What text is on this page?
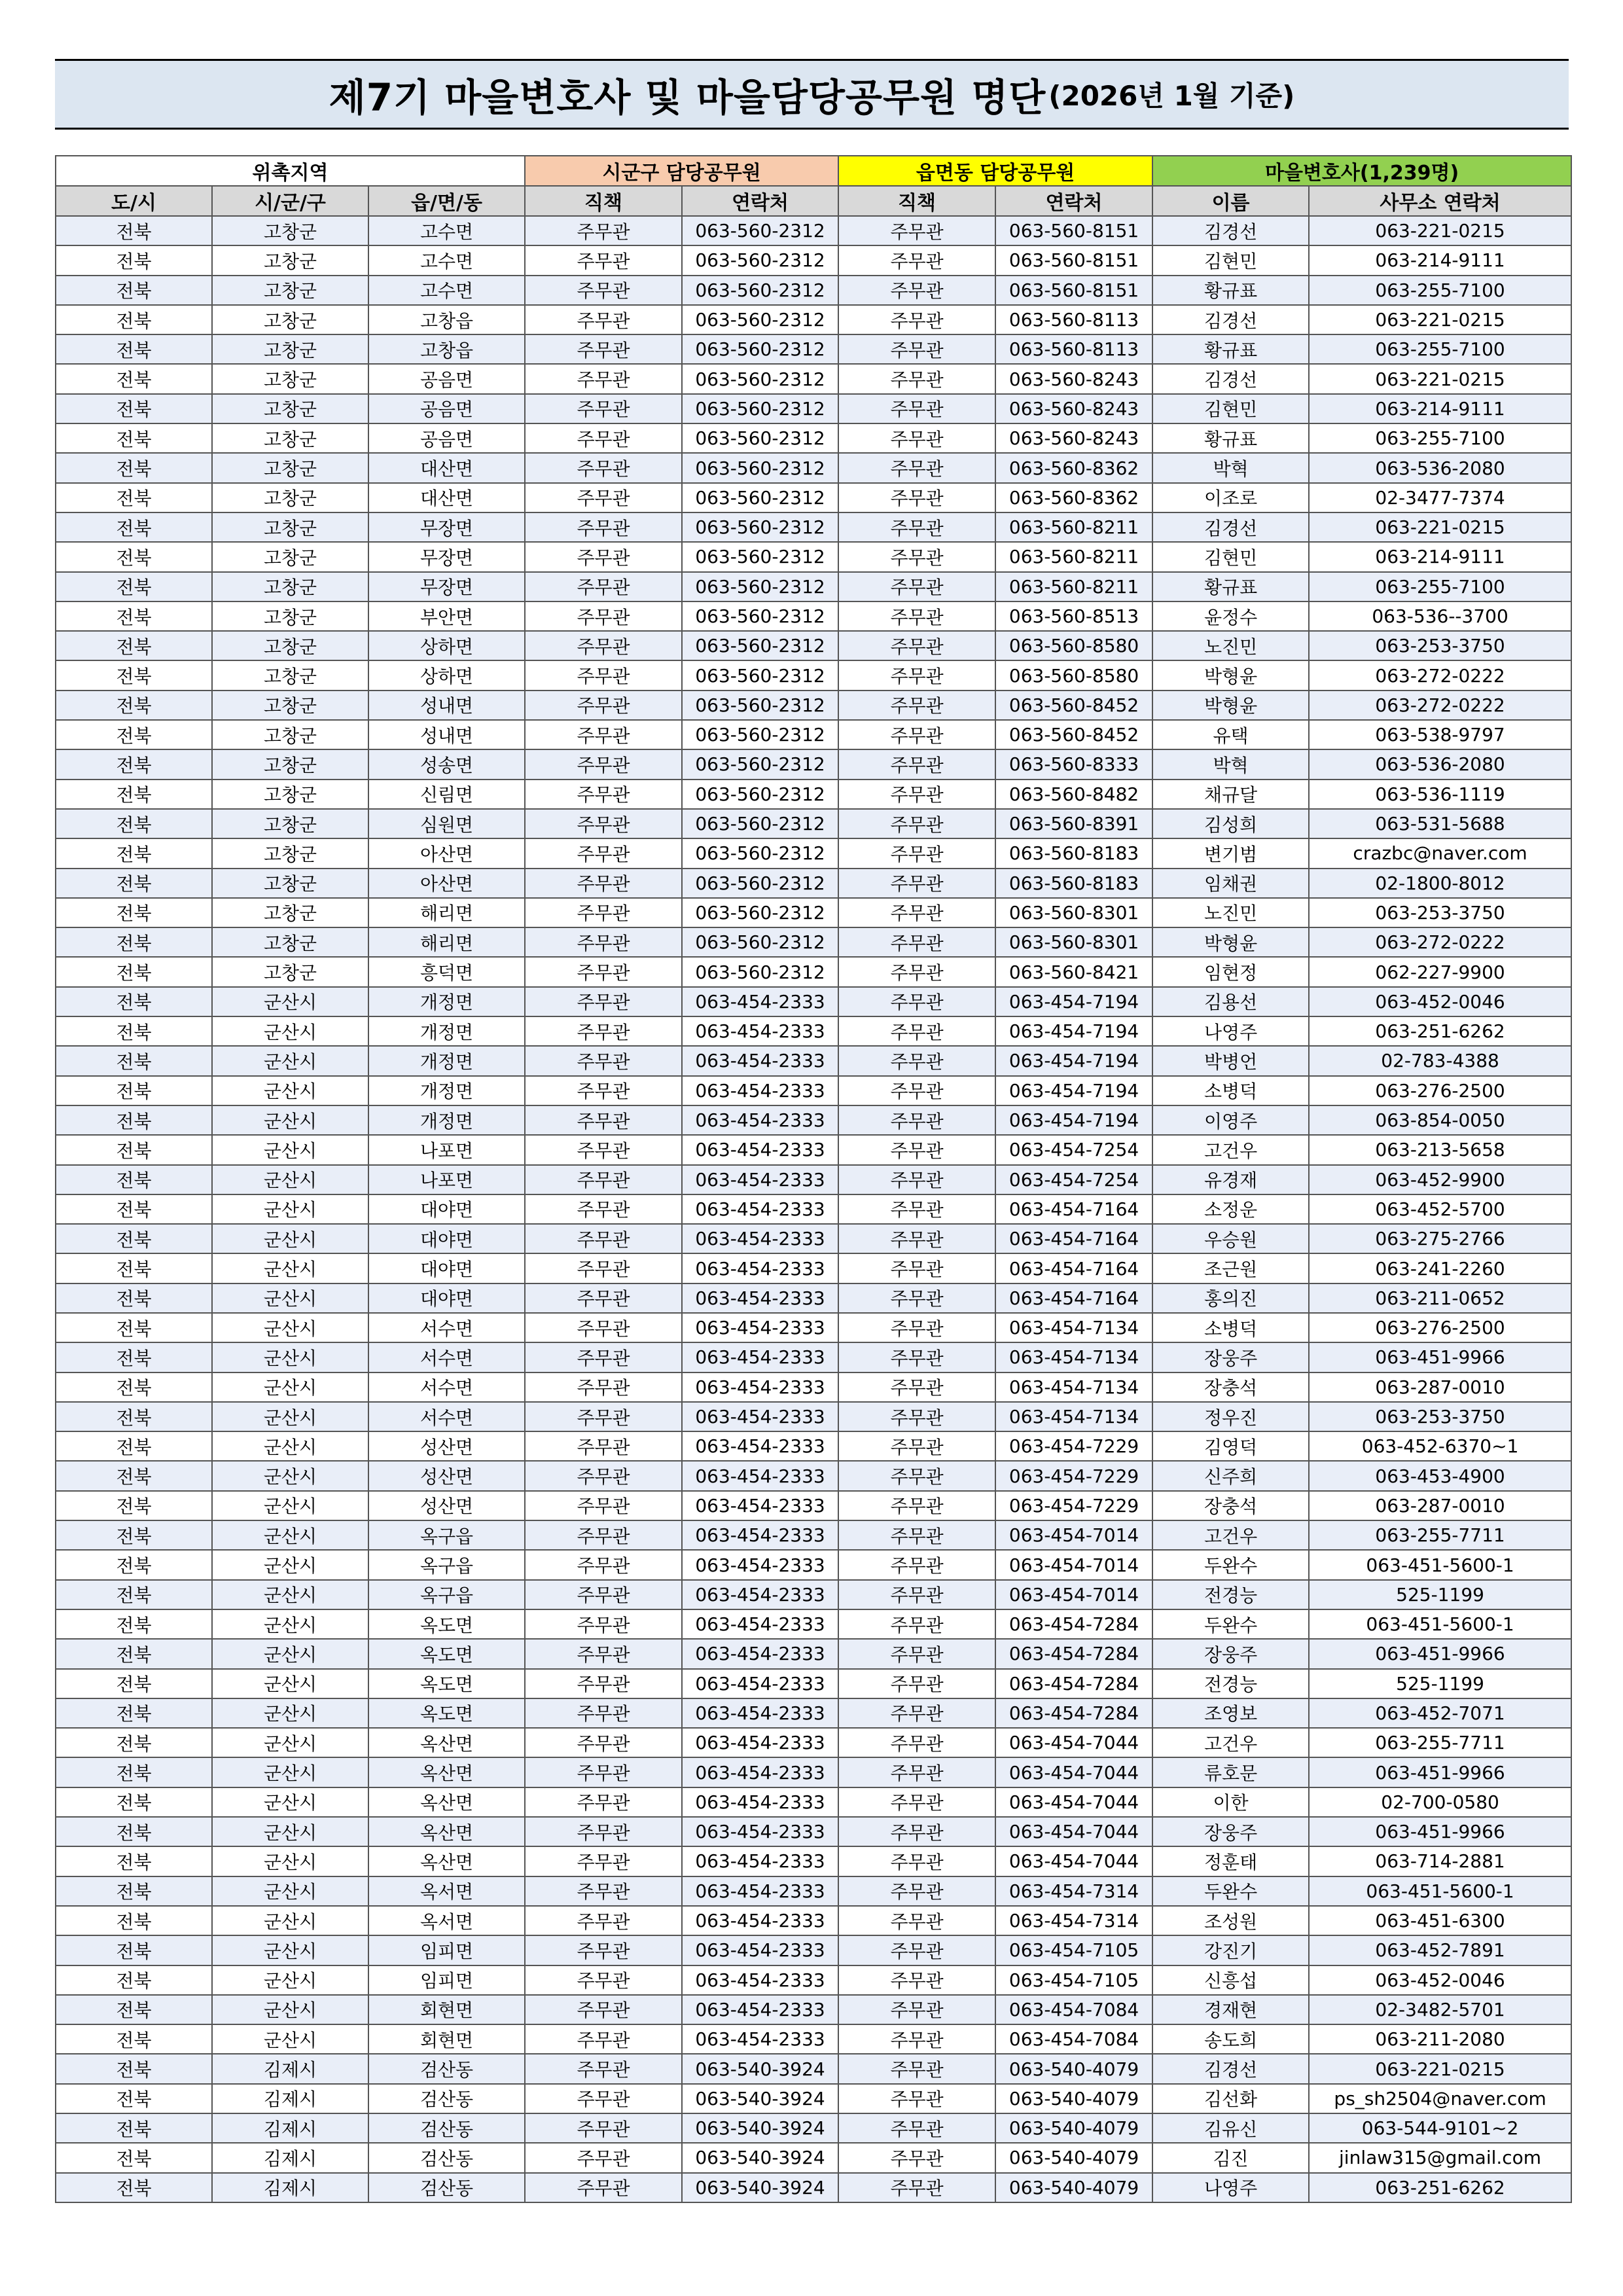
제7기 마을변호사 및 마을담당공무원 명단 (2026년 1월 기준)
위촉지역			시군구 담당공무원		읍면동 담당공무원		마을변호사(1,239명)	
도/시	시/군/구	읍/면/동	직책	연락처	직책	연락처	이름	사무소 연락처
전북	고창군	고수면	주무관	063-560-2312	주무관	063-560-8151	김경선	063-221-0215
전북	고창군	고수면	주무관	063-560-2312	주무관	063-560-8151	김현민	063-214-9111
전북	고창군	고수면	주무관	063-560-2312	주무관	063-560-8151	황규표	063-255-7100
전북	고창군	고창읍	주무관	063-560-2312	주무관	063-560-8113	김경선	063-221-0215
전북	고창군	고창읍	주무관	063-560-2312	주무관	063-560-8113	황규표	063-255-7100
전북	고창군	공음면	주무관	063-560-2312	주무관	063-560-8243	김경선	063-221-0215
전북	고창군	공음면	주무관	063-560-2312	주무관	063-560-8243	김현민	063-214-9111
전북	고창군	공음면	주무관	063-560-2312	주무관	063-560-8243	황규표	063-255-7100
전북	고창군	대산면	주무관	063-560-2312	주무관	063-560-8362	박혁	063-536-2080
전북	고창군	대산면	주무관	063-560-2312	주무관	063-560-8362	이조로	02-3477-7374
전북	고창군	무장면	주무관	063-560-2312	주무관	063-560-8211	김경선	063-221-0215
전북	고창군	무장면	주무관	063-560-2312	주무관	063-560-8211	김현민	063-214-9111
전북	고창군	무장면	주무관	063-560-2312	주무관	063-560-8211	황규표	063-255-7100
전북	고창군	부안면	주무관	063-560-2312	주무관	063-560-8513	윤정수	063-536--3700
전북	고창군	상하면	주무관	063-560-2312	주무관	063-560-8580	노진민	063-253-3750
전북	고창군	상하면	주무관	063-560-2312	주무관	063-560-8580	박형윤	063-272-0222
전북	고창군	성내면	주무관	063-560-2312	주무관	063-560-8452	박형윤	063-272-0222
전북	고창군	성내면	주무관	063-560-2312	주무관	063-560-8452	유택	063-538-9797
전북	고창군	성송면	주무관	063-560-2312	주무관	063-560-8333	박혁	063-536-2080
전북	고창군	신림면	주무관	063-560-2312	주무관	063-560-8482	채규달	063-536-1119
전북	고창군	심원면	주무관	063-560-2312	주무관	063-560-8391	김성희	063-531-5688
전북	고창군	아산면	주무관	063-560-2312	주무관	063-560-8183	변기범	crazbc@naver.com
전북	고창군	아산면	주무관	063-560-2312	주무관	063-560-8183	임채권	02-1800-8012
전북	고창군	해리면	주무관	063-560-2312	주무관	063-560-8301	노진민	063-253-3750
전북	고창군	해리면	주무관	063-560-2312	주무관	063-560-8301	박형윤	063-272-0222
전북	고창군	흥덕면	주무관	063-560-2312	주무관	063-560-8421	임현정	062-227-9900
전북	군산시	개정면	주무관	063-454-2333	주무관	063-454-7194	김용선	063-452-0046
전북	군산시	개정면	주무관	063-454-2333	주무관	063-454-7194	나영주	063-251-6262
전북	군산시	개정면	주무관	063-454-2333	주무관	063-454-7194	박병언	02-783-4388
전북	군산시	개정면	주무관	063-454-2333	주무관	063-454-7194	소병덕	063-276-2500
전북	군산시	개정면	주무관	063-454-2333	주무관	063-454-7194	이영주	063-854-0050
전북	군산시	나포면	주무관	063-454-2333	주무관	063-454-7254	고건우	063-213-5658
전북	군산시	나포면	주무관	063-454-2333	주무관	063-454-7254	유경재	063-452-9900
전북	군산시	대야면	주무관	063-454-2333	주무관	063-454-7164	소정운	063-452-5700
전북	군산시	대야면	주무관	063-454-2333	주무관	063-454-7164	우승원	063-275-2766
전북	군산시	대야면	주무관	063-454-2333	주무관	063-454-7164	조근원	063-241-2260
전북	군산시	대야면	주무관	063-454-2333	주무관	063-454-7164	홍의진	063-211-0652
전북	군산시	서수면	주무관	063-454-2333	주무관	063-454-7134	소병덕	063-276-2500
전북	군산시	서수면	주무관	063-454-2333	주무관	063-454-7134	장웅주	063-451-9966
전북	군산시	서수면	주무관	063-454-2333	주무관	063-454-7134	장충석	063-287-0010
전북	군산시	서수면	주무관	063-454-2333	주무관	063-454-7134	정우진	063-253-3750
전북	군산시	성산면	주무관	063-454-2333	주무관	063-454-7229	김영덕	063-452-6370~1
전북	군산시	성산면	주무관	063-454-2333	주무관	063-454-7229	신주희	063-453-4900
전북	군산시	성산면	주무관	063-454-2333	주무관	063-454-7229	장충석	063-287-0010
전북	군산시	옥구읍	주무관	063-454-2333	주무관	063-454-7014	고건우	063-255-7711
전북	군산시	옥구읍	주무관	063-454-2333	주무관	063-454-7014	두완수	063-451-5600-1
전북	군산시	옥구읍	주무관	063-454-2333	주무관	063-454-7014	전경능	525-1199
전북	군산시	옥도면	주무관	063-454-2333	주무관	063-454-7284	두완수	063-451-5600-1
전북	군산시	옥도면	주무관	063-454-2333	주무관	063-454-7284	장웅주	063-451-9966
전북	군산시	옥도면	주무관	063-454-2333	주무관	063-454-7284	전경능	525-1199
전북	군산시	옥도면	주무관	063-454-2333	주무관	063-454-7284	조영보	063-452-7071
전북	군산시	옥산면	주무관	063-454-2333	주무관	063-454-7044	고건우	063-255-7711
전북	군산시	옥산면	주무관	063-454-2333	주무관	063-454-7044	류호문	063-451-9966
전북	군산시	옥산면	주무관	063-454-2333	주무관	063-454-7044	이한	02-700-0580
전북	군산시	옥산면	주무관	063-454-2333	주무관	063-454-7044	장웅주	063-451-9966
전북	군산시	옥산면	주무관	063-454-2333	주무관	063-454-7044	정훈태	063-714-2881
전북	군산시	옥서면	주무관	063-454-2333	주무관	063-454-7314	두완수	063-451-5600-1
전북	군산시	옥서면	주무관	063-454-2333	주무관	063-454-7314	조성원	063-451-6300
전북	군산시	임피면	주무관	063-454-2333	주무관	063-454-7105	강진기	063-452-7891
전북	군산시	임피면	주무관	063-454-2333	주무관	063-454-7105	신흥섭	063-452-0046
전북	군산시	회현면	주무관	063-454-2333	주무관	063-454-7084	경재현	02-3482-5701
전북	군산시	회현면	주무관	063-454-2333	주무관	063-454-7084	송도희	063-211-2080
전북	김제시	검산동	주무관	063-540-3924	주무관	063-540-4079	김경선	063-221-0215
전북	김제시	검산동	주무관	063-540-3924	주무관	063-540-4079	김선화	ps_sh2504@naver.com
전북	김제시	검산동	주무관	063-540-3924	주무관	063-540-4079	김유신	063-544-9101~2
전북	김제시	검산동	주무관	063-540-3924	주무관	063-540-4079	김진	jinlaw315@gmail.com
전북	김제시	검산동	주무관	063-540-3924	주무관	063-540-4079	나영주	063-251-6262
